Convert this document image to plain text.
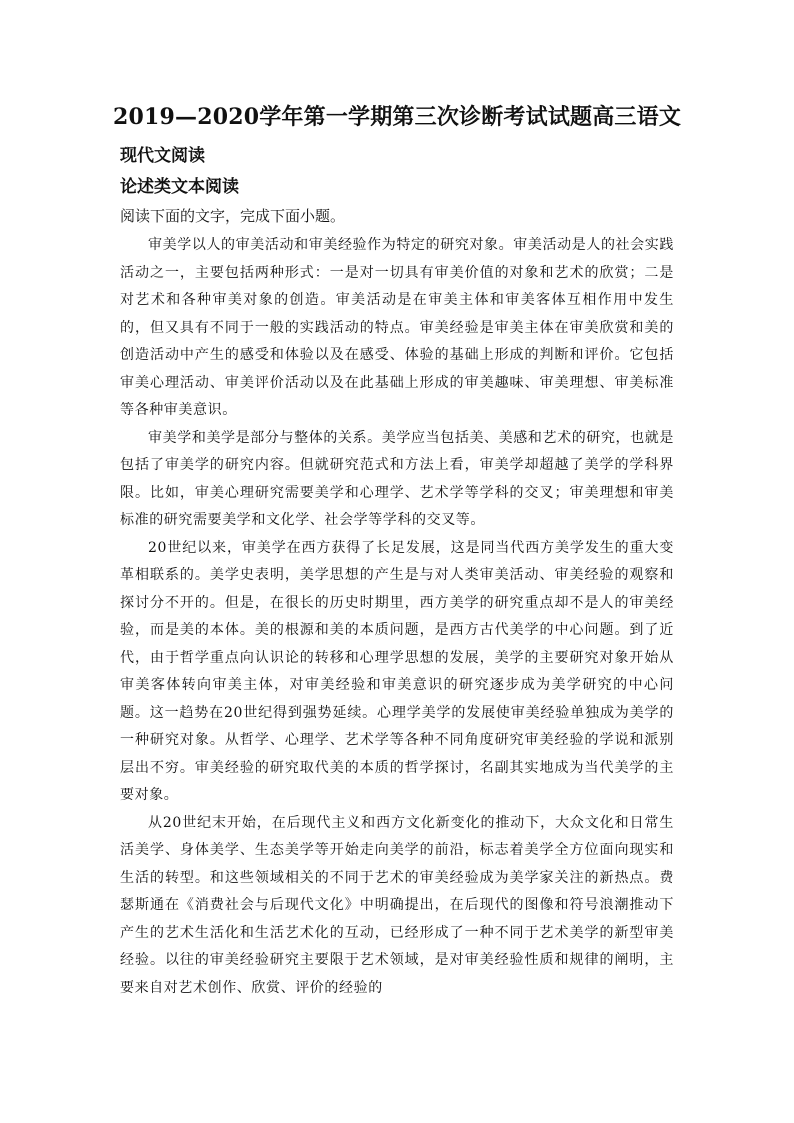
2019—2020学年第一学期第三次诊断考试试题高三语文
现代文阅读
论述类文本阅读
阅读下面的文字，完成下面小题。

审美学以人的审美活动和审美经验作为特定的研究对象。审美活动是人的社会实践活动之一，主要包括两种形式：一是对一切具有审美价值的对象和艺术的欣赏；二是对艺术和各种审美对象的创造。审美活动是在审美主体和审美客体互相作用中发生的，但又具有不同于一般的实践活动的特点。审美经验是审美主体在审美欣赏和美的创造活动中产生的感受和体验以及在感受、体验的基础上形成的判断和评价。它包括审美心理活动、审美评价活动以及在此基础上形成的审美趣味、审美理想、审美标准等各种审美意识。

审美学和美学是部分与整体的关系。美学应当包括美、美感和艺术的研究，也就是包括了审美学的研究内容。但就研究范式和方法上看，审美学却超越了美学的学科界限。比如，审美心理研究需要美学和心理学、艺术学等学科的交叉；审美理想和审美标准的研究需要美学和文化学、社会学等学科的交叉等。

20世纪以来，审美学在西方获得了长足发展，这是同当代西方美学发生的重大变革相联系的。美学史表明，美学思想的产生是与对人类审美活动、审美经验的观察和探讨分不开的。但是，在很长的历史时期里，西方美学的研究重点却不是人的审美经验，而是美的本体。美的根源和美的本质问题，是西方古代美学的中心问题。到了近代，由于哲学重点向认识论的转移和心理学思想的发展，美学的主要研究对象开始从审美客体转向审美主体，对审美经验和审美意识的研究逐步成为美学研究的中心问题。这一趋势在20世纪得到强势延续。心理学美学的发展使审美经验单独成为美学的一种研究对象。从哲学、心理学、艺术学等各种不同角度研究审美经验的学说和派别层出不穷。审美经验的研究取代美的本质的哲学探讨，名副其实地成为当代美学的主要对象。

从20世纪末开始，在后现代主义和西方文化新变化的推动下，大众文化和日常生活美学、身体美学、生态美学等开始走向美学的前沿，标志着美学全方位面向现实和生活的转型。和这些领域相关的不同于艺术的审美经验成为美学家关注的新热点。费瑟斯通在《消费社会与后现代文化》中明确提出，在后现代的图像和符号浪潮推动下产生的艺术生活化和生活艺术化的互动，已经形成了一种不同于艺术美学的新型审美经验。以往的审美经验研究主要限于艺术领域，是对审美经验性质和规律的阐明，主要来自对艺术创作、欣赏、评价的经验的
